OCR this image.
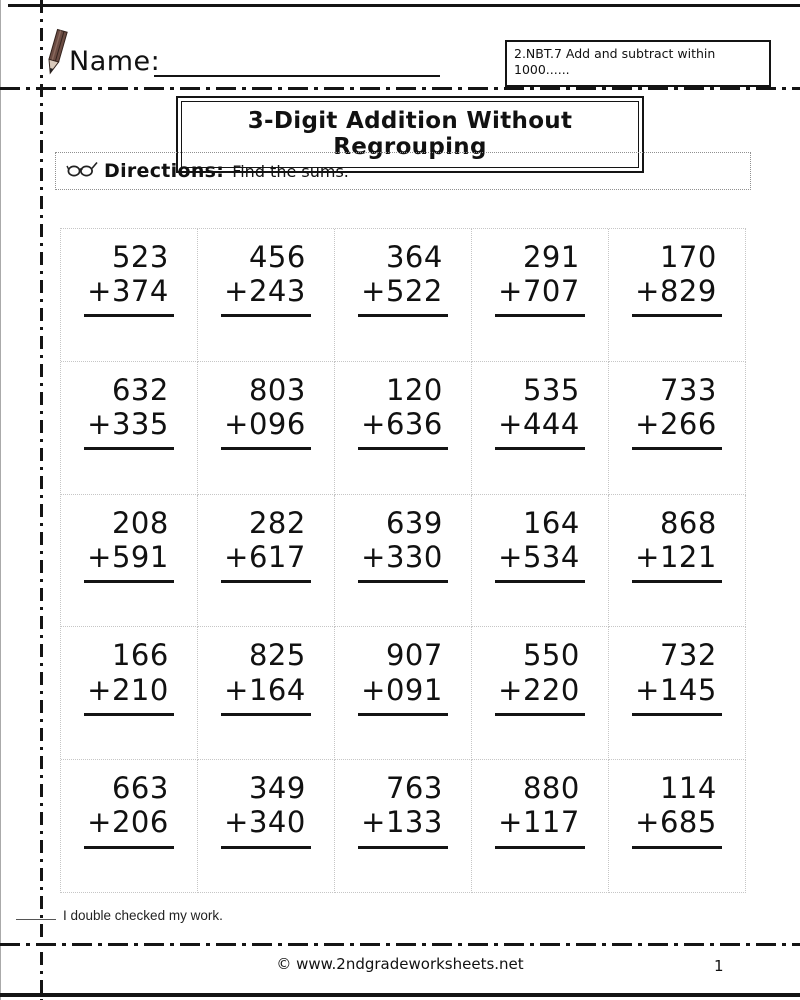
Name:	2.NBT.7 Add and subtract within 1000......
3-Digit Addition Without Regrouping
Directions: Find the sums.
523
+374
456
+243
364
+522
291
+707
170
+829
632
+335
803
+096
120
+636
535
+444
733
+266
208
+591
282
+617
639
+330
164
+534
868
+121
166
+210
825
+164
907
+091
550
+220
732
+145
663
+206
349
+340
763
+133
880
+117
114
+685
I double checked my work.
© www.2ndgradeworksheets.net	1
